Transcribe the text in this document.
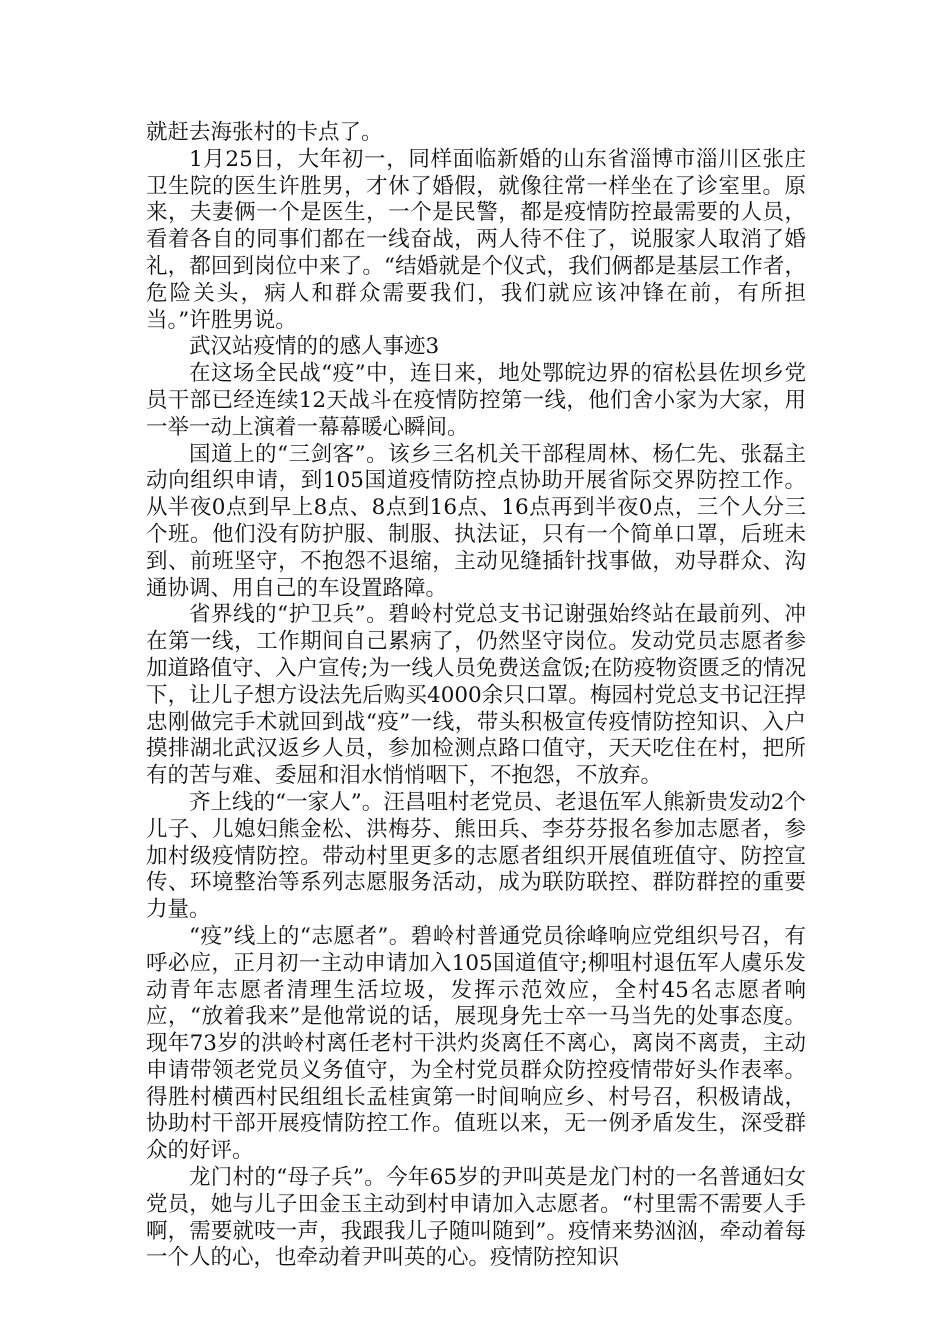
就赶去海张村的卡点了。

1月25日，大年初一，同样面临新婚的山东省淄博市淄川区张庄卫生院的医生许胜男，才休了婚假，就像往常一样坐在了诊室里。原来，夫妻俩一个是医生，一个是民警，都是疫情防控最需要的人员，看着各自的同事们都在一线奋战，两人待不住了，说服家人取消了婚礼，都回到岗位中来了。“结婚就是个仪式，我们俩都是基层工作者，危险关头，病人和群众需要我们，我们就应该冲锋在前，有所担当。”许胜男说。

武汉站疫情的的感人事迹3

在这场全民战“疫”中，连日来，地处鄂皖边界的宿松县佐坝乡党员干部已经连续12天战斗在疫情防控第一线，他们舍小家为大家，用一举一动上演着一幕幕暖心瞬间。

国道上的“三剑客”。该乡三名机关干部程周林、杨仁先、张磊主动向组织申请，到105国道疫情防控点协助开展省际交界防控工作。从半夜0点到早上8点、8点到16点、16点再到半夜0点，三个人分三个班。他们没有防护服、制服、执法证，只有一个简单口罩，后班未到、前班坚守，不抱怨不退缩，主动见缝插针找事做，劝导群众、沟通协调、用自己的车设置路障。

省界线的“护卫兵”。碧岭村党总支书记谢强始终站在最前列、冲在第一线，工作期间自己累病了，仍然坚守岗位。发动党员志愿者参加道路值守、入户宣传;为一线人员免费送盒饭;在防疫物资匮乏的情况下，让儿子想方设法先后购买4000余只口罩。梅园村党总支书记汪捍忠刚做完手术就回到战“疫”一线，带头积极宣传疫情防控知识、入户摸排湖北武汉返乡人员，参加检测点路口值守，天天吃住在村，把所有的苦与难、委屈和泪水悄悄咽下，不抱怨，不放弃。

齐上线的“一家人”。汪昌咀村老党员、老退伍军人熊新贵发动2个儿子、儿媳妇熊金松、洪梅芬、熊田兵、李芬芬报名参加志愿者，参加村级疫情防控。带动村里更多的志愿者组织开展值班值守、防控宣传、环境整治等系列志愿服务活动，成为联防联控、群防群控的重要力量。

“疫”线上的“志愿者”。碧岭村普通党员徐峰响应党组织号召，有呼必应，正月初一主动申请加入105国道值守;柳咀村退伍军人虞乐发动青年志愿者清理生活垃圾，发挥示范效应，全村45名志愿者响应，“放着我来”是他常说的话，展现身先士卒一马当先的处事态度。现年73岁的洪岭村离任老村干洪灼炎离任不离心，离岗不离责，主动申请带领老党员义务值守，为全村党员群众防控疫情带好头作表率。得胜村横西村民组组长孟桂寅第一时间响应乡、村号召，积极请战，协助村干部开展疫情防控工作。值班以来，无一例矛盾发生，深受群众的好评。

龙门村的“母子兵”。今年65岁的尹叫英是龙门村的一名普通妇女党员，她与儿子田金玉主动到村申请加入志愿者。“村里需不需要人手啊，需要就吱一声，我跟我儿子随叫随到”。疫情来势汹汹，牵动着每一个人的心，也牵动着尹叫英的心。疫情防控知识
